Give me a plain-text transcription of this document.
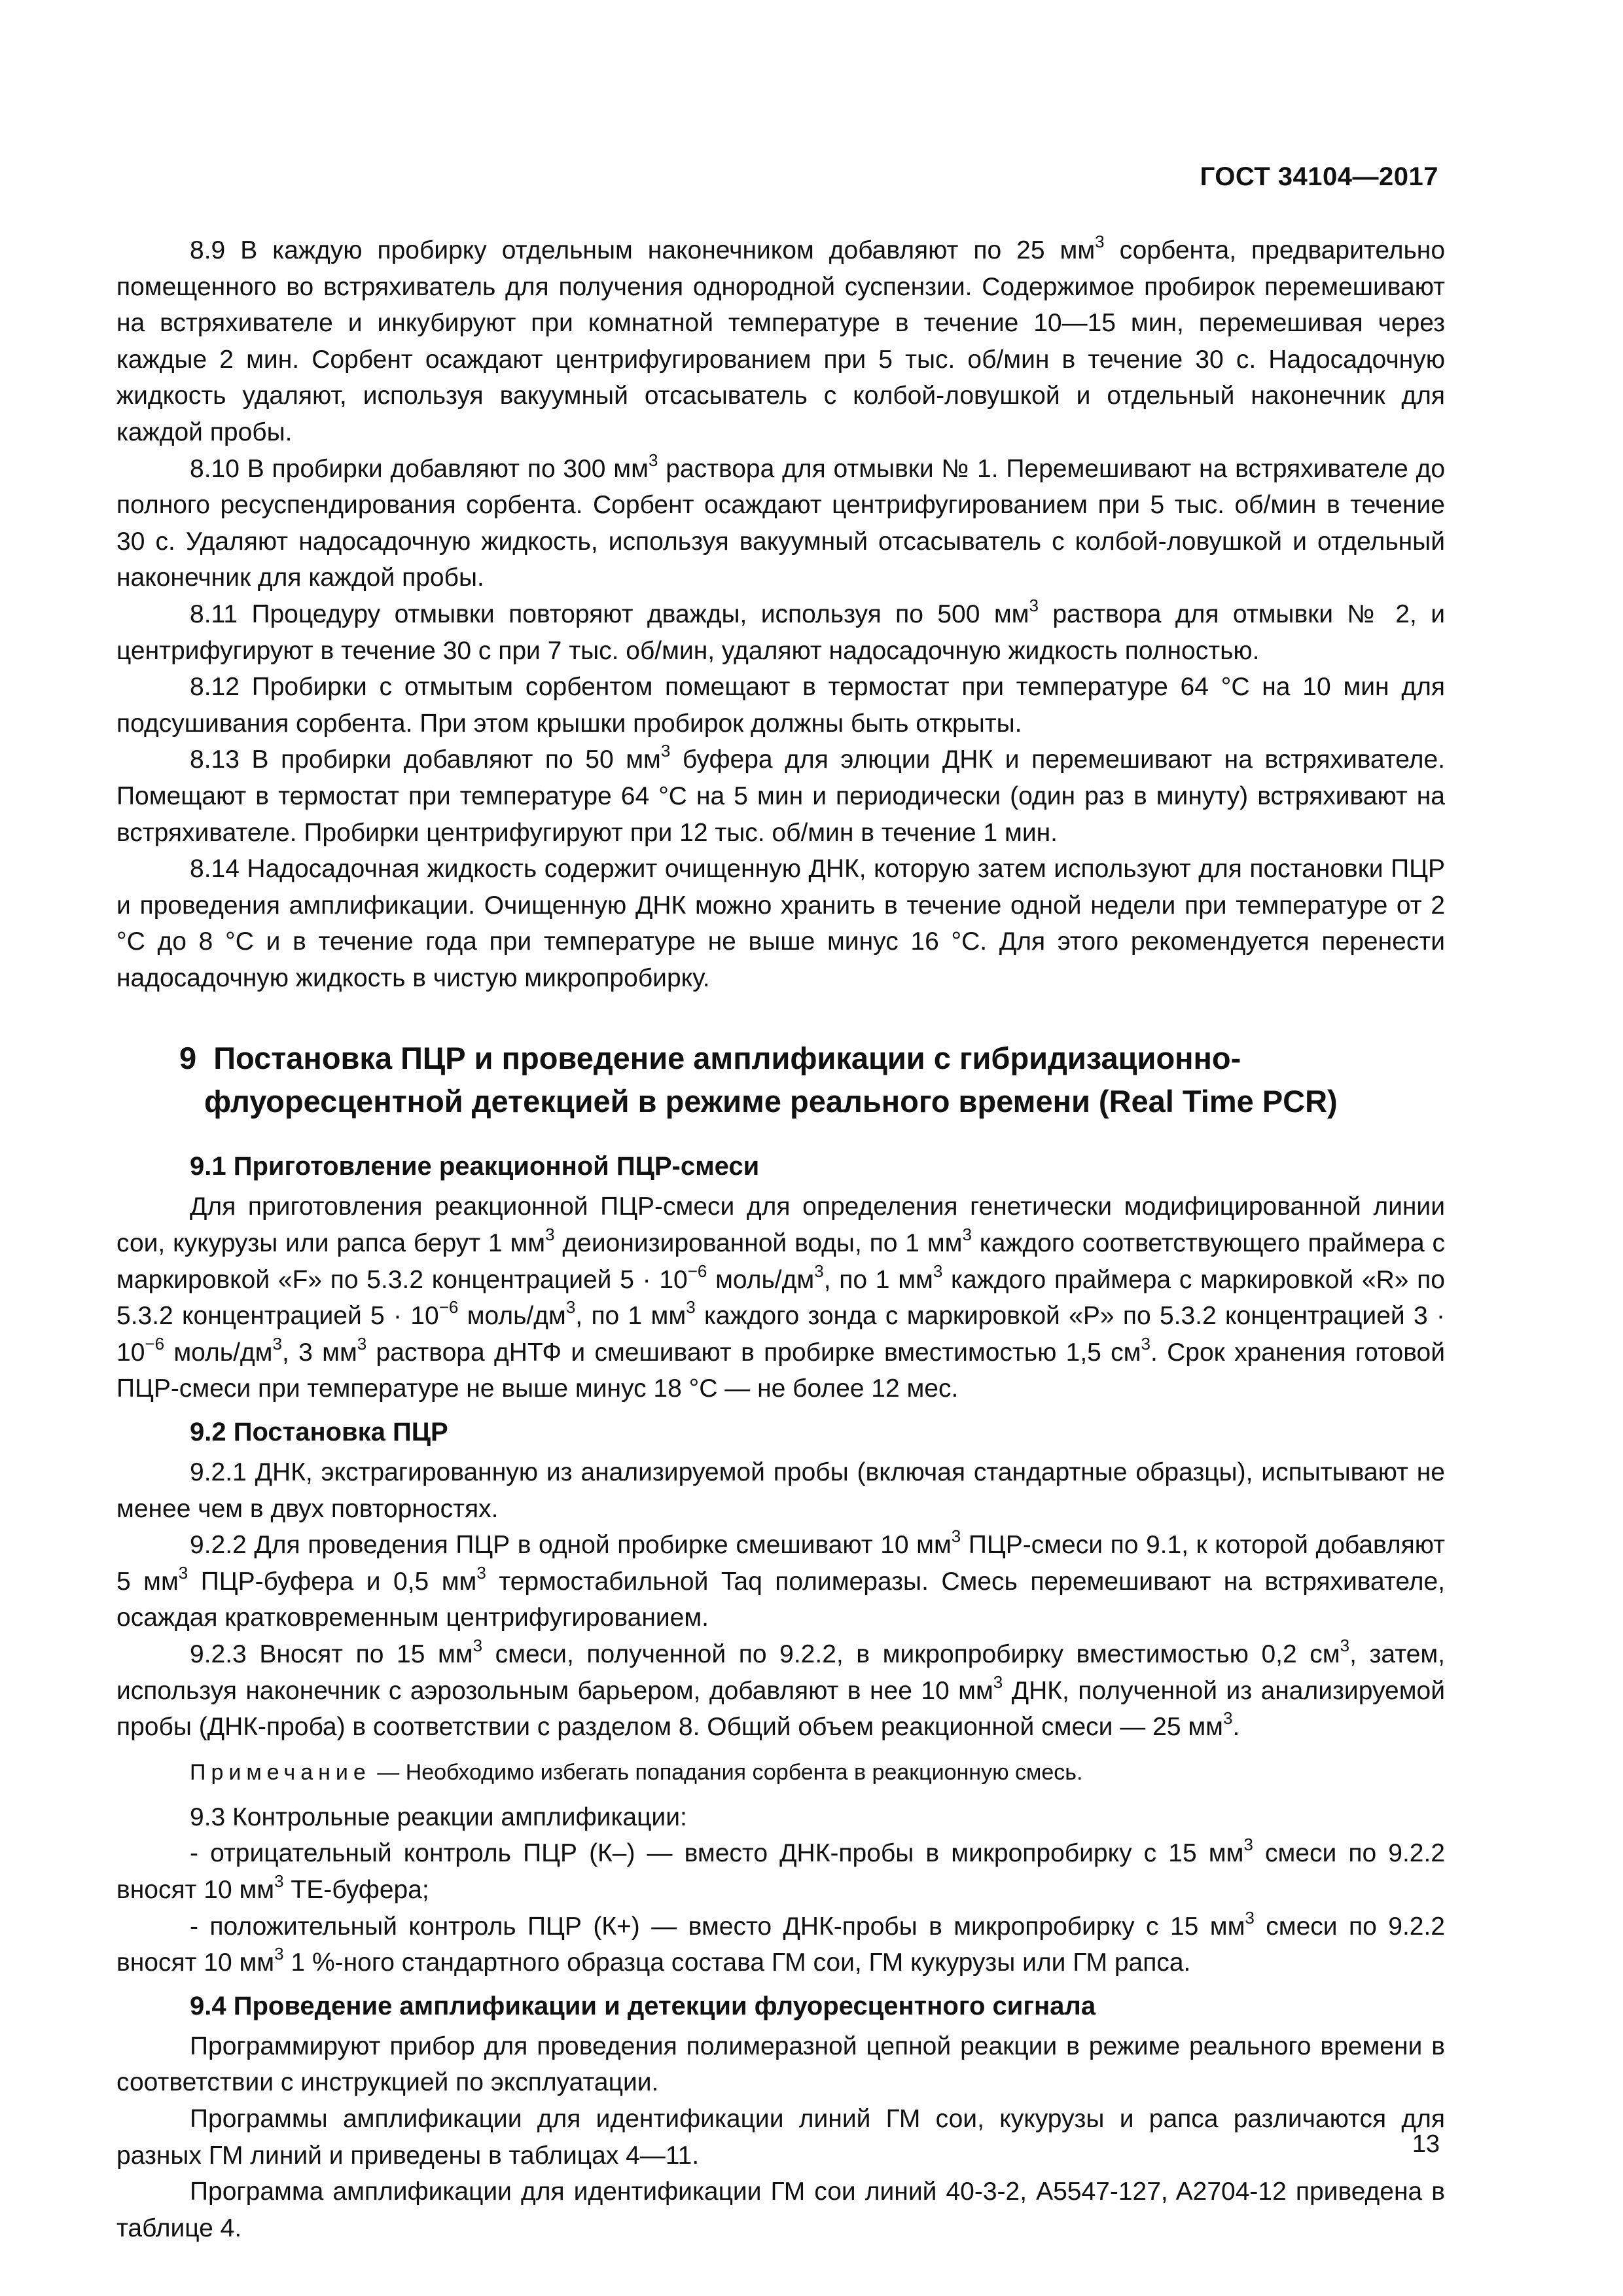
ГОСТ 34104—2017

8.9 В каждую пробирку отдельным наконечником добавляют по 25 $мм^3$ сорбента, предварительно помещенного во встряхиватель для получения однородной суспензии. Содержимое пробирок перемешивают на встряхивателе и инкубируют при комнатной температуре в течение 10—15 мин, перемешивая через каждые 2 мин. Сорбент осаждают центрифугированием при 5 тыс. об/мин в течение 30 с. Надосадочную жидкость удаляют, используя вакуумный отсасыватель с колбой-ловушкой и отдельный наконечник для каждой пробы.

8.10 В пробирки добавляют по 300 $мм^3$ раствора для отмывки № 1. Перемешивают на встряхивателе до полного ресуспендирования сорбента. Сорбент осаждают центрифугированием при 5 тыс. об/мин в течение 30 с. Удаляют надосадочную жидкость, используя вакуумный отсасыватель с колбой-ловушкой и отдельный наконечник для каждой пробы.

8.11 Процедуру отмывки повторяют дважды, используя по 500 $мм^3$ раствора для отмывки № 2, и центрифугируют в течение 30 с при 7 тыс. об/мин, удаляют надосадочную жидкость полностью.

8.12 Пробирки с отмытым сорбентом помещают в термостат при температуре 64 °С на 10 мин для подсушивания сорбента. При этом крышки пробирок должны быть открыты.

8.13 В пробирки добавляют по 50 $мм^3$ буфера для элюции ДНК и перемешивают на встряхивателе. Помещают в термостат при температуре 64 °С на 5 мин и периодически (один раз в минуту) встряхивают на встряхивателе. Пробирки центрифугируют при 12 тыс. об/мин в течение 1 мин.

8.14 Надосадочная жидкость содержит очищенную ДНК, которую затем используют для постановки ПЦР и проведения амплификации. Очищенную ДНК можно хранить в течение одной недели при температуре от 2 °С до 8 °С и в течение года при температуре не выше минус 16 °С. Для этого рекомендуется перенести надосадочную жидкость в чистую микропробирку.

9 Постановка ПЦР и проведение амплификации с гибридизационно-
флуоресцентной детекцией в режиме реального времени (Real Time PCR)
9.1 Приготовление реакционной ПЦР-смеси

Для приготовления реакционной ПЦР-смеси для определения генетически модифицированной линии сои, кукурузы или рапса берут 1 $мм^3$ деионизированной воды, по 1 $мм^3$ каждого соответствующего праймера с маркировкой «F» по 5.3.2 концентрацией $5 \cdot 10^{-6}$ моль/$дм^3$, по 1 $мм^3$ каждого праймера с маркировкой «R» по 5.3.2 концентрацией $5 \cdot 10^{-6}$ моль/$дм^3$, по 1 $мм^3$ каждого зонда с маркировкой «P» по 5.3.2 концентрацией $3 \cdot 10^{-6}$ моль/$дм^3$, 3 $мм^3$ раствора дНТФ и смешивают в пробирке вместимостью 1,5 $см^3$. Срок хранения готовой ПЦР-смеси при температуре не выше минус 18 °С — не более 12 мес.

9.2 Постановка ПЦР

9.2.1 ДНК, экстрагированную из анализируемой пробы (включая стандартные образцы), испытывают не менее чем в двух повторностях.

9.2.2 Для проведения ПЦР в одной пробирке смешивают 10 $мм^3$ ПЦР-смеси по 9.1, к которой добавляют 5 $мм^3$ ПЦР-буфера и 0,5 $мм^3$ термостабильной Taq полимеразы. Смесь перемешивают на встряхивателе, осаждая кратковременным центрифугированием.

9.2.3 Вносят по 15 $мм^3$ смеси, полученной по 9.2.2, в микропробирку вместимостью 0,2 $см^3$, затем, используя наконечник с аэрозольным барьером, добавляют в нее 10 $мм^3$ ДНК, полученной из анализируемой пробы (ДНК-проба) в соответствии с разделом 8. Общий объем реакционной смеси — 25 $мм^3$.

Примечание — Необходимо избегать попадания сорбента в реакционную смесь.

9.3 Контрольные реакции амплификации:

- отрицательный контроль ПЦР (К–) — вместо ДНК-пробы в микропробирку с 15 $мм^3$ смеси по 9.2.2 вносят 10 $мм^3$ ТЕ-буфера;

- положительный контроль ПЦР (К+) — вместо ДНК-пробы в микропробирку с 15 $мм^3$ смеси по 9.2.2 вносят 10 $мм^3$ 1 %-ного стандартного образца состава ГМ сои, ГМ кукурузы или ГМ рапса.

9.4 Проведение амплификации и детекции флуоресцентного сигнала

Программируют прибор для проведения полимеразной цепной реакции в режиме реального времени в соответствии с инструкцией по эксплуатации.

Программы амплификации для идентификации линий ГМ сои, кукурузы и рапса различаются для разных ГМ линий и приведены в таблицах 4—11.

Программа амплификации для идентификации ГМ сои линий 40-3-2, A5547-127, A2704-12 приведена в таблице 4.

13
